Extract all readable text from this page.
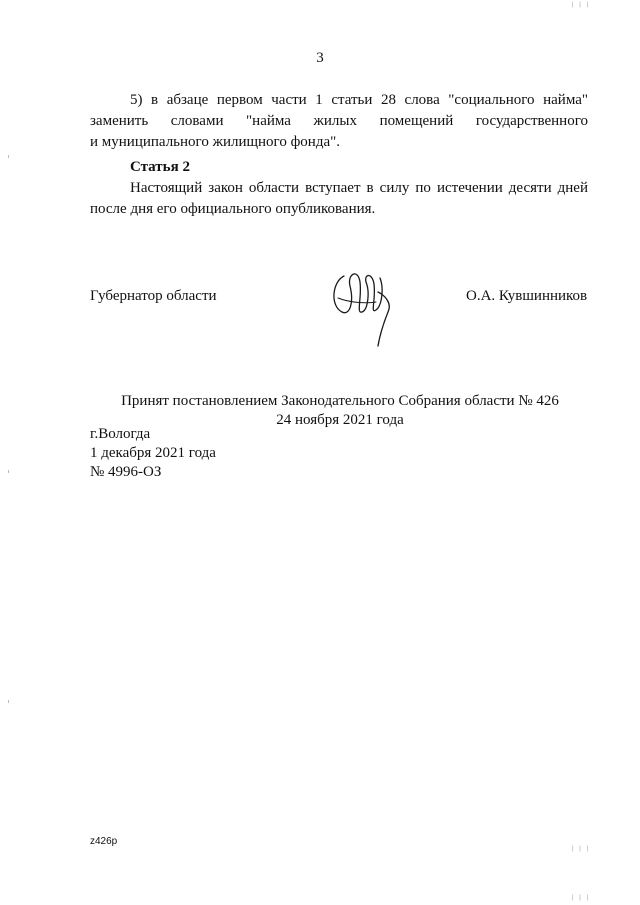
| | |
| | |
| | |
3
5) в абзаце первом части 1 статьи 28 слова "социального найма"
заменить словами "найма жилых помещений государственного
и муниципального жилищного фонда".
Статья 2
Настоящий закон области вступает в силу по истечении десяти дней
после дня его официального опубликования.
Губернатор области	О.А. Кувшинников
Принят постановлением Законодательного Собрания области № 426
24 ноября 2021 года
г.Вологда
1 декабря 2021 года
№ 4996-ОЗ
z426p
